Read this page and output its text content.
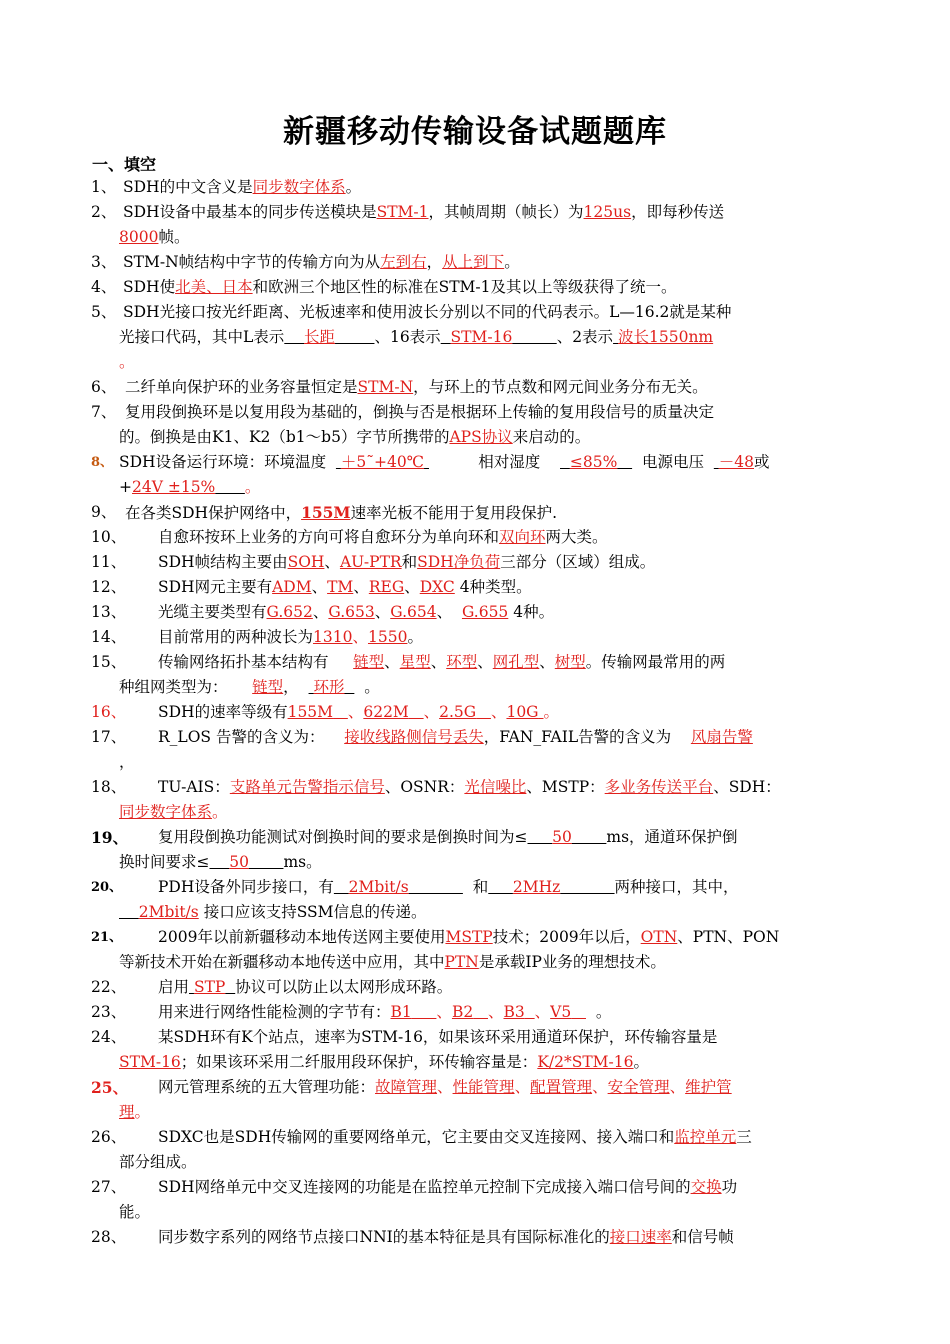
新疆移动传输设备试题题库
一、填空
1、 SDH的中文含义是同步数字体系。
2、 SDH设备中最基本的同步传送模块是STM-1，其帧周期（帧长）为125us，即每秒传送
8000帧。
3、 STM-N帧结构中字节的传输方向为从左到右，从上到下。
4、 SDH使北美、日本和欧洲三个地区性的标准在STM-1及其以上等级获得了统一。
5、 SDH光接口按光纤距离、光板速率和使用波长分别以不同的代码表示。L—16.2就是某种
光接口代码，其中L表示 长距	、16表示 STM-16	、2表示 波长1550nm
。
6、 二纤单向保护环的业务容量恒定是STM-N，与环上的节点数和网元间业务分布无关。
7、 复用段倒换环是以复用段为基础的，倒换与否是根据环上传输的复用段信号的质量决定
的。倒换是由K1、K2（b1～b5）字节所携带的APS协议来启动的。
8、 SDH设备运行环境：环境温度 ＋5˜+40℃	相对湿度 ≤85% 电源电压 －48或
+24V ±15% 。
9、 在各类SDH保护网络中，155M速率光板不能用于复用段保护.
10、 自愈环按环上业务的方向可将自愈环分为单向环和双向环两大类。
11、 SDH帧结构主要由SOH、AU-PTR和SDH净负荷三部分（区域）组成。
12、 SDH网元主要有ADM、TM、REG、DXC 4种类型。
13、 光缆主要类型有G.652、G.653、G.654、 G.655 4种。
14、 目前常用的两种波长为1310、1550。
15、 传输网络拓扑基本结构有 链型、星型、环型、网孔型、树型。传输网最常用的两
种组网类型为： 链型， 环形 。
16、 SDH的速率等级有155M 、622M 、2.5G 、10G 。
17、 R_LOS 告警的含义为： 接收线路侧信号丢失，FAN_FAIL告警的含义为 风扇告警
，
18、 TU-AIS：支路单元告警指示信号、OSNR：光信噪比、MSTP：多业务传送平台、SDH：
同步数字体系。
19、 复用段倒换功能测试对倒换时间的要求是倒换时间为≤ 50 ms，通道环保护倒
换时间要求≤ 50 ms。
20、 PDH设备外同步接口，有 2Mbit/s	和 2MHz	两种接口，其中，
2Mbit/s 接口应该支持SSM信息的传递。
21、 2009年以前新疆移动本地传送网主要使用MSTP技术；2009年以后，OTN、PTN、PON
等新技术开始在新疆移动本地传送中应用，其中PTN是承载IP业务的理想技术。
22、 启用 STP 协议可以防止以太网形成环路。
23、 用来进行网络性能检测的字节有：B1 、B2 、B3 、V5 。
24、 某SDH环有K个站点，速率为STM-16，如果该环采用通道环保护，环传输容量是
STM-16；如果该环采用二纤服用段环保护，环传输容量是：K/2*STM-16。
25、 网元管理系统的五大管理功能：故障管理、性能管理、配置管理、安全管理、维护管
理。
26、 SDXC也是SDH传输网的重要网络单元，它主要由交叉连接网、接入端口和监控单元三
部分组成。
27、 SDH网络单元中交叉连接网的功能是在监控单元控制下完成接入端口信号间的交换功
能。
28、 同步数字系列的网络节点接口NNI的基本特征是具有国际标准化的接口速率和信号帧
